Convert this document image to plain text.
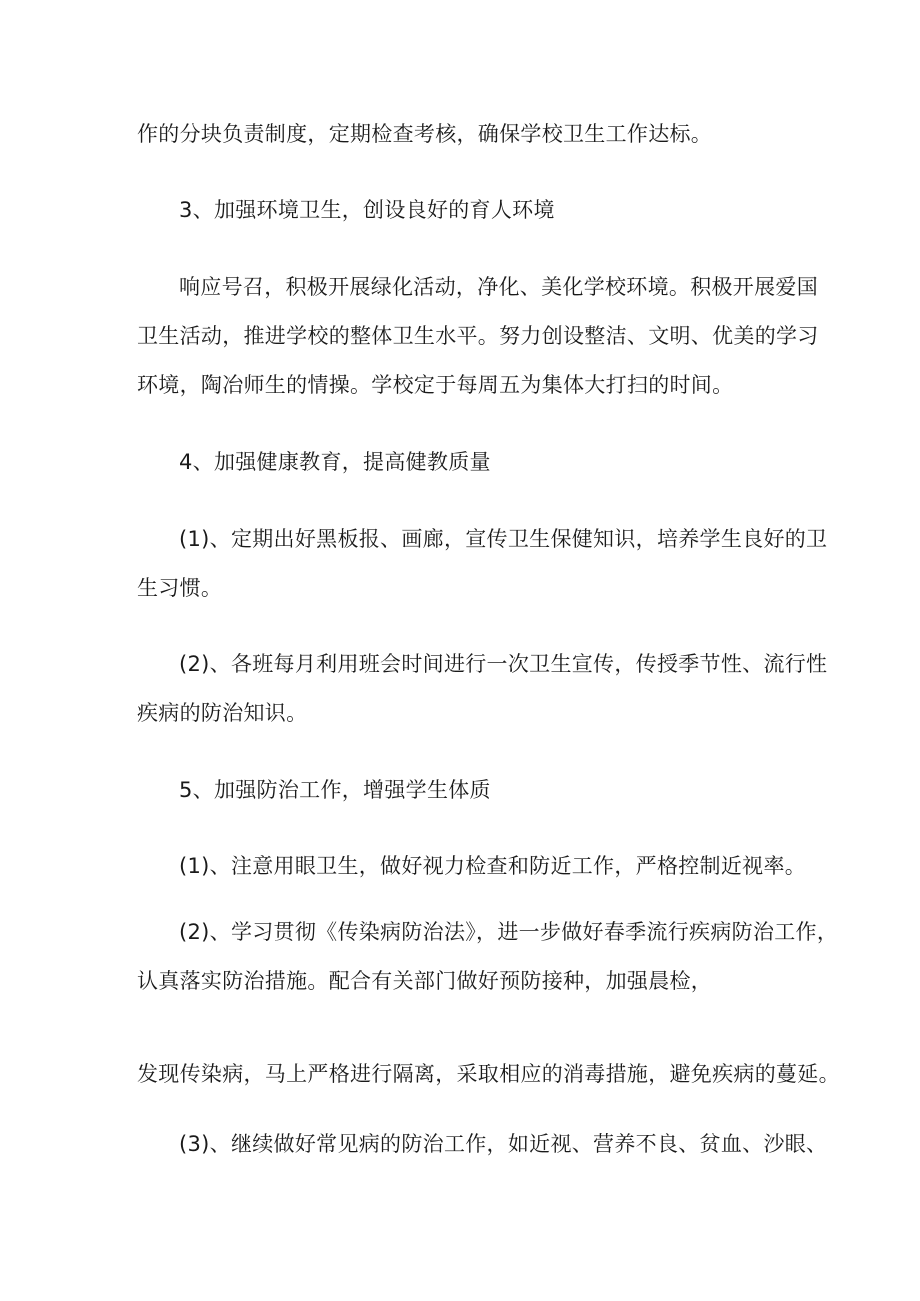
作的分块负责制度，定期检查考核，确保学校卫生工作达标。
3、加强环境卫生，创设良好的育人环境
响应号召，积极开展绿化活动，净化、美化学校环境。积极开展爱国
卫生活动，推进学校的整体卫生水平。努力创设整洁、文明、优美的学习
环境，陶冶师生的情操。学校定于每周五为集体大打扫的时间。
4、加强健康教育，提高健教质量
(1)、定期出好黑板报、画廊，宣传卫生保健知识，培养学生良好的卫
生习惯。
(2)、各班每月利用班会时间进行一次卫生宣传，传授季节性、流行性
疾病的防治知识。
5、加强防治工作，增强学生体质
(1)、注意用眼卫生，做好视力检查和防近工作，严格控制近视率。
(2)、学习贯彻《传染病防治法》，进一步做好春季流行疾病防治工作，
认真落实防治措施。配合有关部门做好预防接种，加强晨检，
发现传染病，马上严格进行隔离，采取相应的消毒措施，避免疾病的蔓延。
(3)、继续做好常见病的防治工作，如近视、营养不良、贫血、沙眼、
